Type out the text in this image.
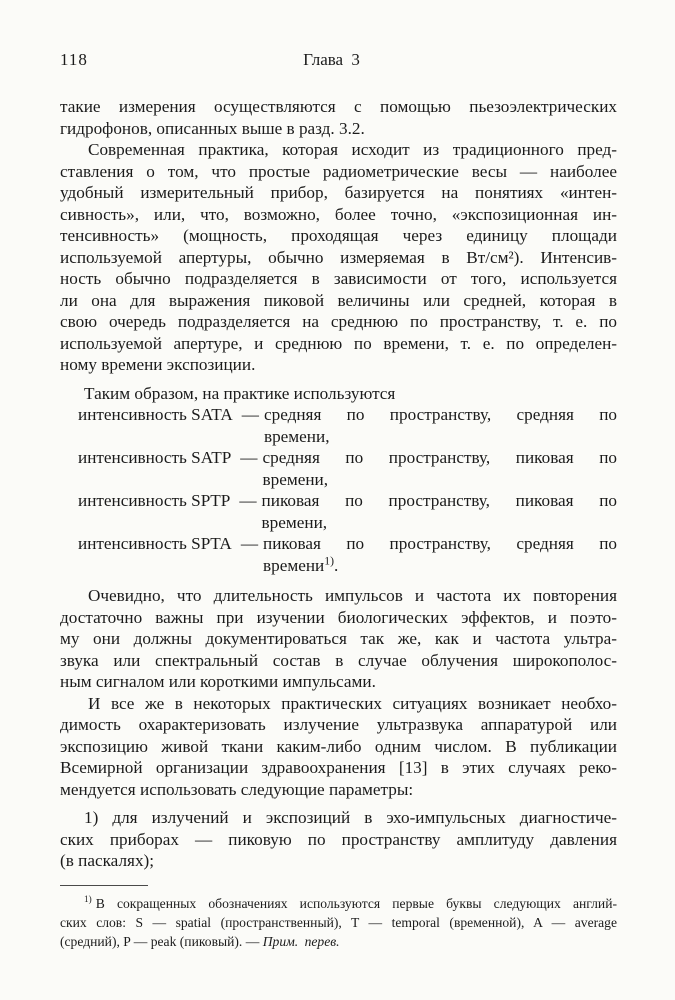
118	Глава 3
такие измерения осуществляются с помощью пьезоэлектрических
гидрофонов, описанных выше в разд. 3.2.
Современная практика, которая исходит из традиционного пред-
ставления о том, что простые радиометрические весы — наиболее
удобный измерительный прибор, базируется на понятиях «интен-
сивность», или, что, возможно, более точно, «экспозиционная ин-
тенсивность» (мощность, проходящая через единицу площади
используемой апертуры, обычно измеряемая в Вт/см²). Интенсив-
ность обычно подразделяется в зависимости от того, используется
ли она для выражения пиковой величины или средней, которая в
свою очередь подразделяется на среднюю по пространству, т. е. по
используемой апертуре, и среднюю по времени, т. е. по определен-
ному времени экспозиции.
Таким образом, на практике используются
интенсивность SATA — средняя по пространству, средняя по
времени,
интенсивность SATP — средняя по пространству, пиковая по
времени,
интенсивность SPTP — пиковая по пространству, пиковая по
времени,
интенсивность SPTA — пиковая по пространству, средняя по
времени$^{1)}$.
Очевидно, что длительность импульсов и частота их повторения
достаточно важны при изучении биологических эффектов, и поэто-
му они должны документироваться так же, как и частота ультра-
звука или спектральный состав в случае облучения широкополос-
ным сигналом или короткими импульсами.
И все же в некоторых практических ситуациях возникает необхо-
димость охарактеризовать излучение ультразвука аппаратурой или
экспозицию живой ткани каким-либо одним числом. В публикации
Всемирной организации здравоохранения [13] в этих случаях реко-
мендуется использовать следующие параметры:
1) для излучений и экспозиций в эхо-импульсных диагностиче-
ских приборах — пиковую по пространству амплитуду давления
(в паскалях);
$^{1)}$ В сокращенных обозначениях используются первые буквы следующих англий-
ских слов: S — spatial (пространственный), T — temporal (временной), A — average
(средний), P — peak (пиковый). — Прим. перев.
